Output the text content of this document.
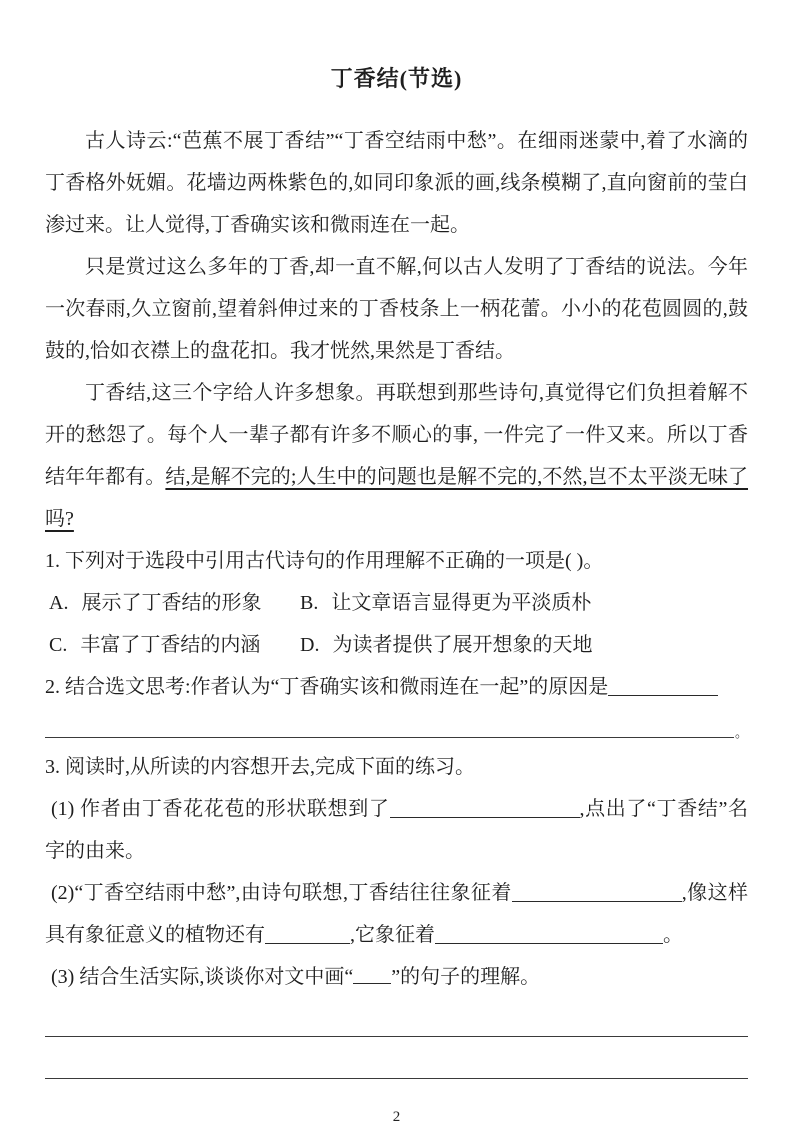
丁香结(节选)

古人诗云:“芭蕉不展丁香结”“丁香空结雨中愁”。在细雨迷蒙中,着了水滴的丁香格外妩媚。花墙边两株紫色的,如同印象派的画,线条模糊了,直向窗前的莹白渗过来。让人觉得,丁香确实该和微雨连在一起。

只是赏过这么多年的丁香,却一直不解,何以古人发明了丁香结的说法。今年一次春雨,久立窗前,望着斜伸过来的丁香枝条上一柄花蕾。小小的花苞圆圆的,鼓鼓的,恰如衣襟上的盘花扣。我才恍然,果然是丁香结。

丁香结,这三个字给人许多想象。再联想到那些诗句,真觉得它们负担着解不开的愁怨了。每个人一辈子都有许多不顺心的事, 一件完了一件又来。所以丁香结年年都有。结,是解不完的;人生中的问题也是解不完的,不然,岂不太平淡无味了吗?

1. 下列对于选段中引用古代诗句的作用理解不正确的一项是( )。

A. 展示了丁香结的形象 B. 让文章语言显得更为平淡质朴
C. 丰富了丁香结的内涵 D. 为读者提供了展开想象的天地

2. 结合选文思考:作者认为“丁香确实该和微雨连在一起”的原因是

。

3. 阅读时,从所读的内容想开去,完成下面的练习。

(1) 作者由丁香花花苞的形状联想到了	,点出了“丁香结”名字的由来。

(2)“丁香空结雨中愁”,由诗句联想,丁香结往往象征着	,像这样具有象征意义的植物还有	,它象征着	。

(3) 结合生活实际,谈谈你对文中画“ ”的句子的理解。

2
